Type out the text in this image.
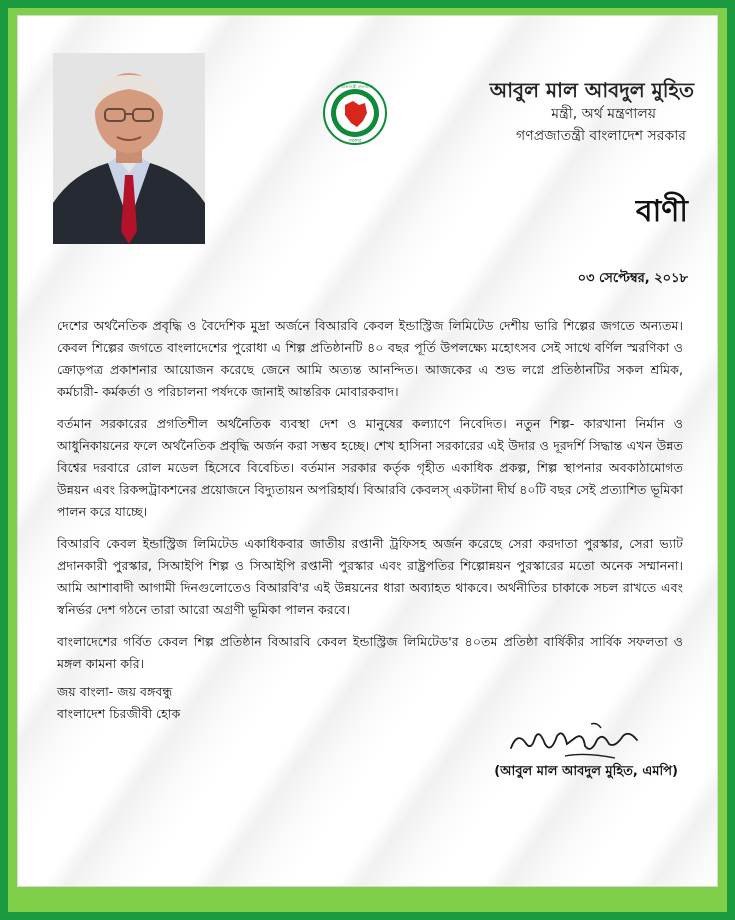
গণপ্রজাতন্ত্রী বাংলাদেশ
সরকার
আবুল মাল আবদুল মুহিত
মন্ত্রী, অর্থ মন্ত্রণালয়
গণপ্রজাতন্ত্রী বাংলাদেশ সরকার
বাণী
০৩ সেপ্টেম্বর, ২০১৮

দেশের অর্থনৈতিক প্রবৃদ্ধি ও বৈদেশিক মুদ্রা অর্জনে বিআরবি কেবল ইন্ডাস্ট্রিজ লিমিটেড দেশীয় ভারি শিল্পের জগতে অন্যতম। কেবল শিল্পের জগতে বাংলাদেশের পুরোধা এ শিল্প প্রতিষ্ঠানটি ৪০ বছর পূর্তি উপলক্ষ্যে মহোৎসব সেই সাথে বর্ণিল স্মরণিকা ও ক্রোড়পত্র প্রকাশনার আয়োজন করেছে জেনে আমি অত্যন্ত আনন্দিত। আজকের এ শুভ লগ্নে প্রতিষ্ঠানটির সকল শ্রমিক, কর্মচারী- কর্মকর্তা ও পরিচালনা পর্ষদকে জানাই আন্তরিক মোবারকবাদ।

বর্তমান সরকারের প্রগতিশীল অর্থনৈতিক ব্যবস্থা দেশ ও মানুষের কল্যাণে নিবেদিত। নতুন শিল্প- কারখানা নির্মান ও আধুনিকায়নের ফলে অর্থনৈতিক প্রবৃদ্ধি অর্জন করা সম্ভব হচ্ছে। শেখ হাসিনা সরকারের এই উদার ও দূরদর্শি সিদ্ধান্ত এখন উন্নত বিশ্বের দরবারে রোল মডেল হিসেবে বিবেচিত। বর্তমান সরকার কর্তৃক গৃহীত একাধিক প্রকল্প, শিল্প স্থাপনার অবকাঠামোগত উন্নয়ন এবং রিকন্সট্রাকশনের প্রয়োজনে বিদ্যুতায়ন অপরিহার্য। বিআরবি কেবলস্ একটানা দীর্ঘ ৪০টি বছর সেই প্রত্যাশিত ভূমিকা পালন করে যাচ্ছে।

বিআরবি কেবল ইন্ডাস্ট্রিজ লিমিটেড একাধিকবার জাতীয় রপ্তানী ট্রফিসহ অর্জন করেছে সেরা করদাতা পুরস্কার, সেরা ভ্যাট প্রদানকারী পুরস্কার, সিআইপি শিল্প ও সিআইপি রপ্তানী পুরস্কার এবং রাষ্ট্রপতির শিল্পোন্নয়ন পুরস্কারের মতো অনেক সম্মাননা। আমি আশাবাদী আগামী দিনগুলোতেও বিআরবি'র এই উন্নয়নের ধারা অব্যাহত থাকবে। অর্থনীতির চাকাকে সচল রাখতে এবং স্বনির্ভর দেশ গঠনে তারা আরো অগ্রণী ভূমিকা পালন করবে।

বাংলাদেশের গর্বিত কেবল শিল্প প্রতিষ্ঠান বিআরবি কেবল ইন্ডাস্ট্রিজ লিমিটেড'র ৪০তম প্রতিষ্ঠা বার্ষিকীর সার্বিক সফলতা ও মঙ্গল কামনা করি।

জয় বাংলা- জয় বঙ্গবন্ধু
বাংলাদেশ চিরজীবী হোক
(আবুল মাল আবদুল মুহিত, এমপি)
